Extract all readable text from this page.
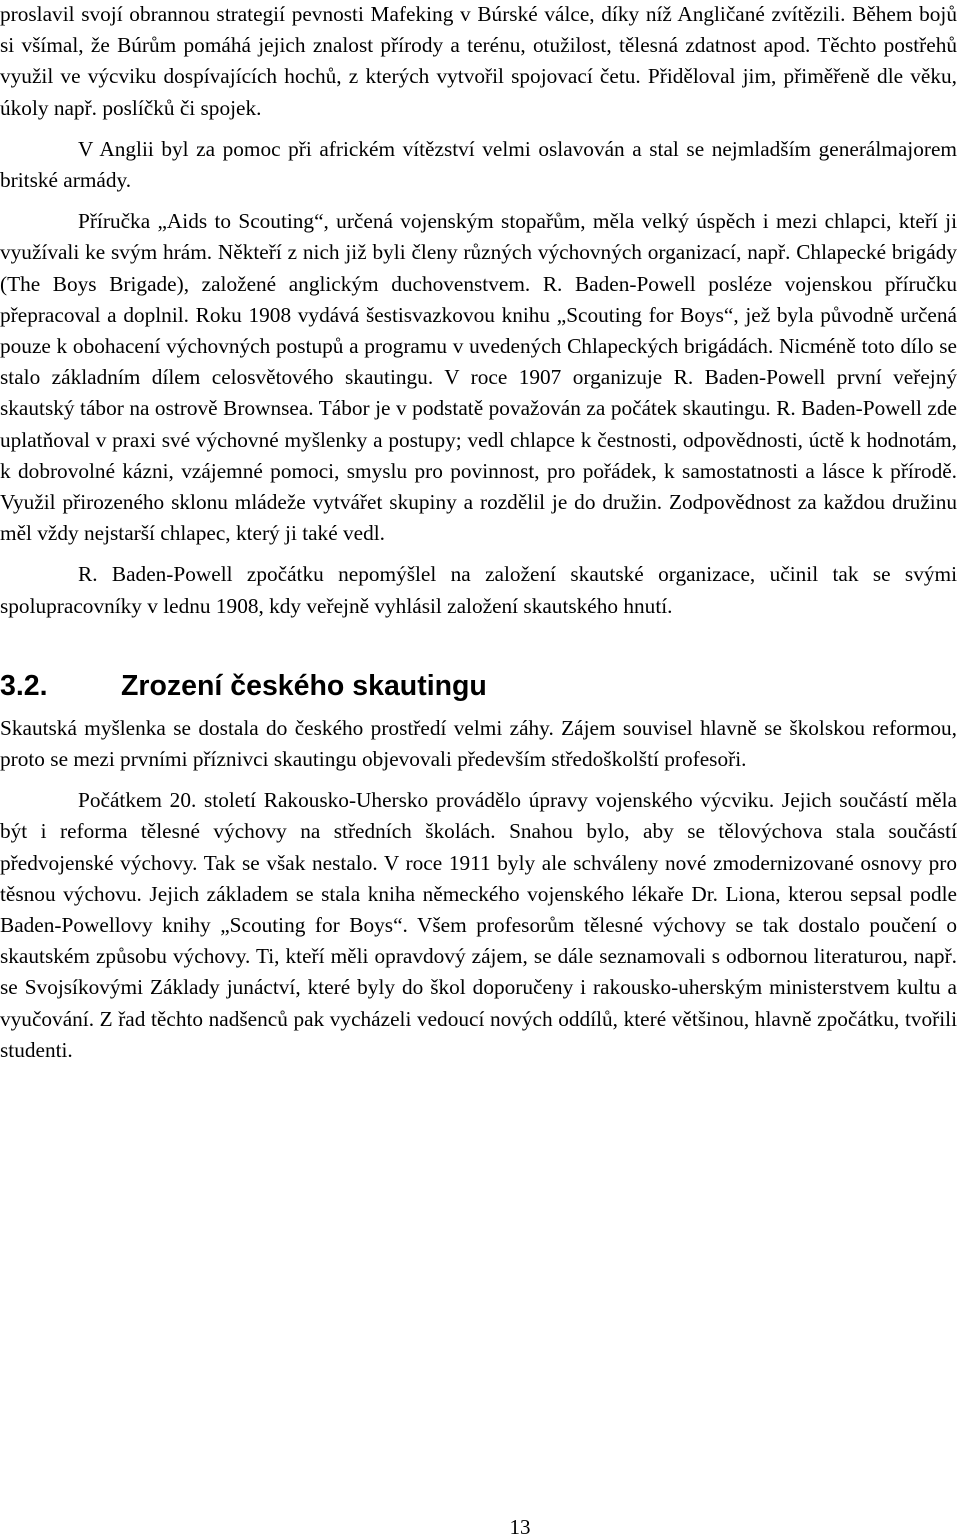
proslavil svojí obrannou strategií pevnosti Mafeking v Búrské válce, díky níž Angličané zvítězili. Během bojů si všímal, že Búrům pomáhá jejich znalost přírody a terénu, otužilost, tělesná zdatnost apod. Těchto postřehů využil ve výcviku dospívajících hochů, z kterých vytvořil spojovací četu. Přiděloval jim, přiměřeně dle věku, úkoly např. poslíčků či spojek.

V Anglii byl za pomoc při africkém vítězství velmi oslavován a stal se nejmladším generálmajorem britské armády.

Příručka „Aids to Scouting“, určená vojenským stopařům, měla velký úspěch i mezi chlapci, kteří ji využívali ke svým hrám. Někteří z nich již byli členy různých výchovných organizací, např. Chlapecké brigády (The Boys Brigade), založené anglickým duchovenstvem. R. Baden-Powell posléze vojenskou příručku přepracoval a doplnil. Roku 1908 vydává šestisvazkovou knihu „Scouting for Boys“, jež byla původně určená pouze k obohacení výchovných postupů a programu v uvedených Chlapeckých brigádách. Nicméně toto dílo se stalo základním dílem celosvětového skautingu. V roce 1907 organizuje R. Baden-Powell první veřejný skautský tábor na ostrově Brownsea. Tábor je v podstatě považován za počátek skautingu. R. Baden-Powell zde uplatňoval v praxi své výchovné myšlenky a postupy; vedl chlapce k čestnosti, odpovědnosti, úctě k hodnotám, k dobrovolné kázni, vzájemné pomoci, smyslu pro povinnost, pro pořádek, k samostatnosti a lásce k přírodě. Využil přirozeného sklonu mládeže vytvářet skupiny a rozdělil je do družin. Zodpovědnost za každou družinu měl vždy nejstarší chlapec, který ji také vedl.

R. Baden-Powell zpočátku nepomýšlel na založení skautské organizace, učinil tak se svými spolupracovníky v lednu 1908, kdy veřejně vyhlásil založení skautského hnutí.

3.2.	Zrození českého skautingu

Skautská myšlenka se dostala do českého prostředí velmi záhy. Zájem souvisel hlavně se školskou reformou, proto se mezi prvními příznivci skautingu objevovali především středoškolští profesoři.

Počátkem 20. století Rakousko-Uhersko provádělo úpravy vojenského výcviku. Jejich součástí měla být i reforma tělesné výchovy na středních školách. Snahou bylo, aby se tělovýchova stala součástí předvojenské výchovy. Tak se však nestalo. V roce 1911 byly ale schváleny nové zmodernizované osnovy pro těsnou výchovu. Jejich základem se stala kniha německého vojenského lékaře Dr. Liona, kterou sepsal podle Baden-Powellovy knihy „Scouting for Boys“. Všem profesorům tělesné výchovy se tak dostalo poučení o skautském způsobu výchovy. Ti, kteří měli opravdový zájem, se dále seznamovali s odbornou literaturou, např. se Svojsíkovými Základy junáctví, které byly do škol doporučeny i rakousko-uherským ministerstvem kultu a vyučování. Z řad těchto nadšenců pak vycházeli vedoucí nových oddílů, které většinou, hlavně zpočátku, tvořili studenti.

13
